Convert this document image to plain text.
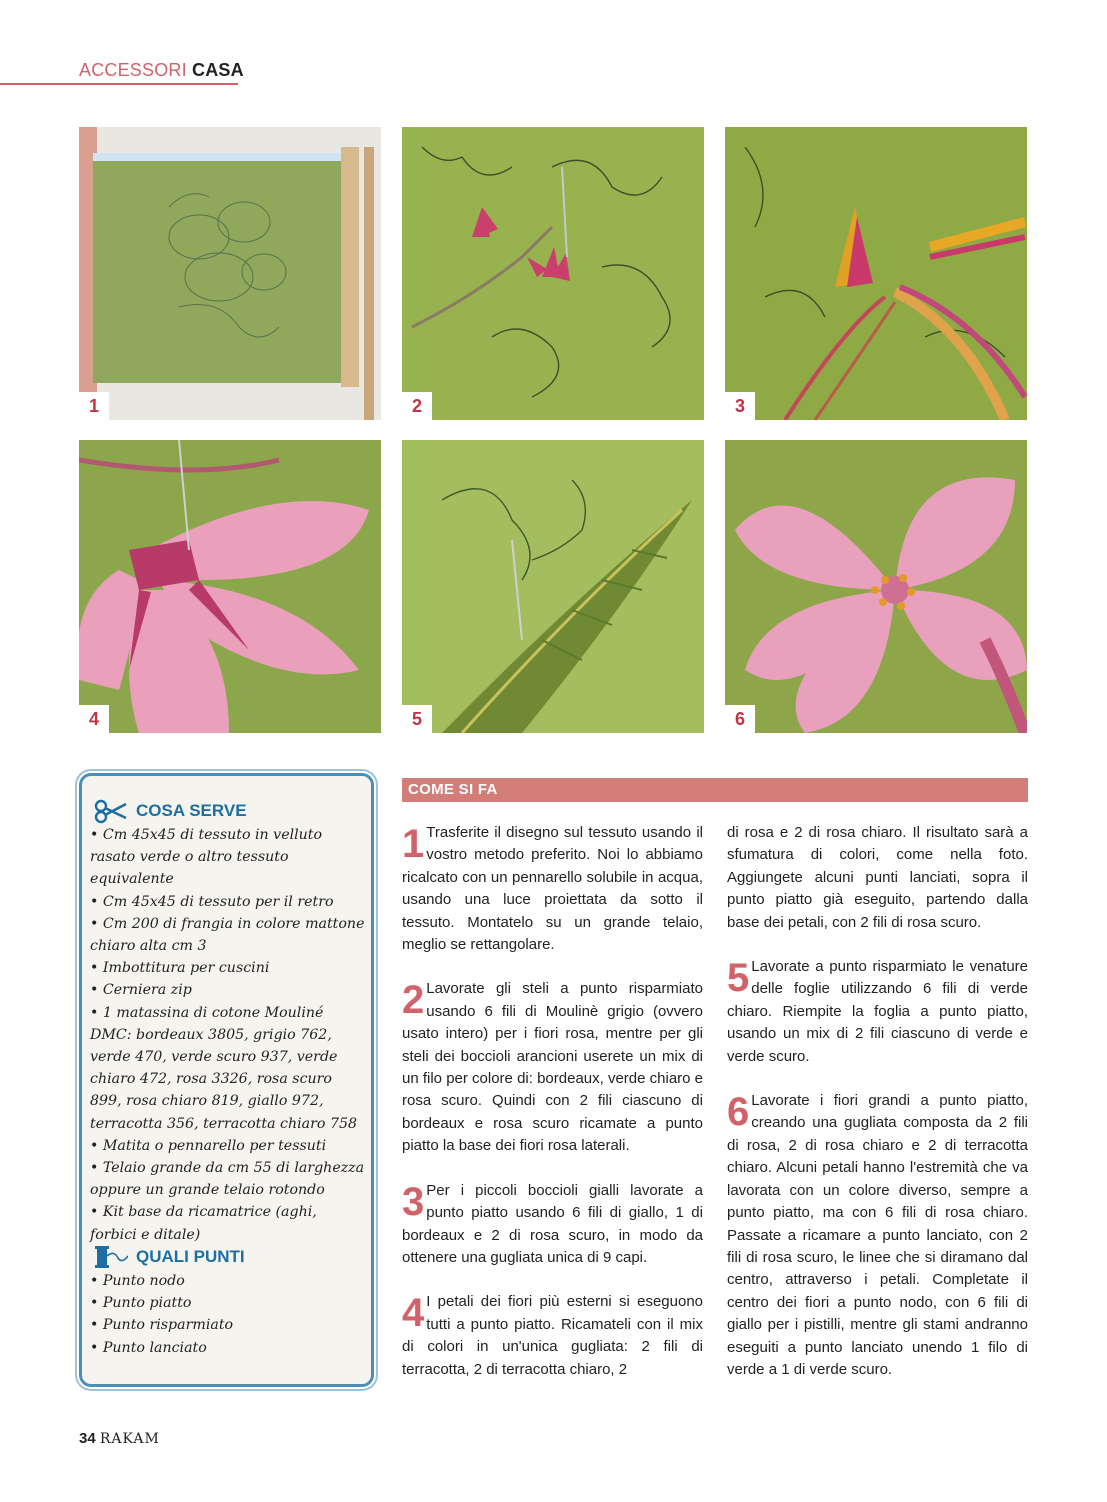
ACCESSORI CASA
1	2	3
4	5	6
COSA SERVE
• Cm 45x45 di tessuto in velluto rasato verde o altro tessuto equivalente
• Cm 45x45 di tessuto per il retro
• Cm 200 di frangia in colore mattone chiaro alta cm 3
• Imbottitura per cuscini
• Cerniera zip
• 1 matassina di cotone Mouliné DMC: bordeaux 3805, grigio 762, verde 470, verde scuro 937, verde chiaro 472, rosa 3326, rosa scuro 899, rosa chiaro 819, giallo 972, terracotta 356, terracotta chiaro 758
• Matita o pennarello per tessuti
• Telaio grande da cm 55 di larghezza oppure un grande telaio rotondo
• Kit base da ricamatrice (aghi, forbici e ditale)
QUALI PUNTI
• Punto nodo
• Punto piatto
• Punto risparmiato
• Punto lanciato
COME SI FA

1 Trasferite il disegno sul tessuto usando il vostro metodo preferito. Noi lo abbiamo ricalcato con un pennarello solubile in acqua, usando una luce proiettata da sotto il tessuto. Montatelo su un grande telaio, meglio se rettangolare.

2 Lavorate gli steli a punto risparmiato usando 6 fili di Moulinè grigio (ovvero usato intero) per i fiori rosa, mentre per gli steli dei boccioli arancioni userete un mix di un filo per colore di: bordeaux, verde chiaro e rosa scuro. Quindi con 2 fili ciascuno di bordeaux e rosa scuro ricamate a punto piatto la base dei fiori rosa laterali.

3 Per i piccoli boccioli gialli lavorate a punto piatto usando 6 fili di giallo, 1 di bordeaux e 2 di rosa scuro, in modo da ottenere una gugliata unica di 9 capi.

4 I petali dei fiori più esterni si eseguono tutti a punto piatto. Ricamateli con il mix di colori in un'unica gugliata: 2 fili di terracotta, 2 di terracotta chiaro, 2

di rosa e 2 di rosa chiaro. Il risultato sarà a sfumatura di colori, come nella foto. Aggiungete alcuni punti lanciati, sopra il punto piatto già eseguito, partendo dalla base dei petali, con 2 fili di rosa scuro.

5 Lavorate a punto risparmiato le venature delle foglie utilizzando 6 fili di verde chiaro. Riempite la foglia a punto piatto, usando un mix di 2 fili ciascuno di verde e verde scuro.

6 Lavorate i fiori grandi a punto piatto, creando una gugliata composta da 2 fili di rosa, 2 di rosa chiaro e 2 di terracotta chiaro. Alcuni petali hanno l'estremità che va lavorata con un colore diverso, sempre a punto piatto, ma con 6 fili di rosa chiaro. Passate a ricamare a punto lanciato, con 2 fili di rosa scuro, le linee che si diramano dal centro, attraverso i petali. Completate il centro dei fiori a punto nodo, con 6 fili di giallo per i pistilli, mentre gli stami andranno eseguiti a punto lanciato unendo 1 filo di verde a 1 di verde scuro.

34 RAKAM
